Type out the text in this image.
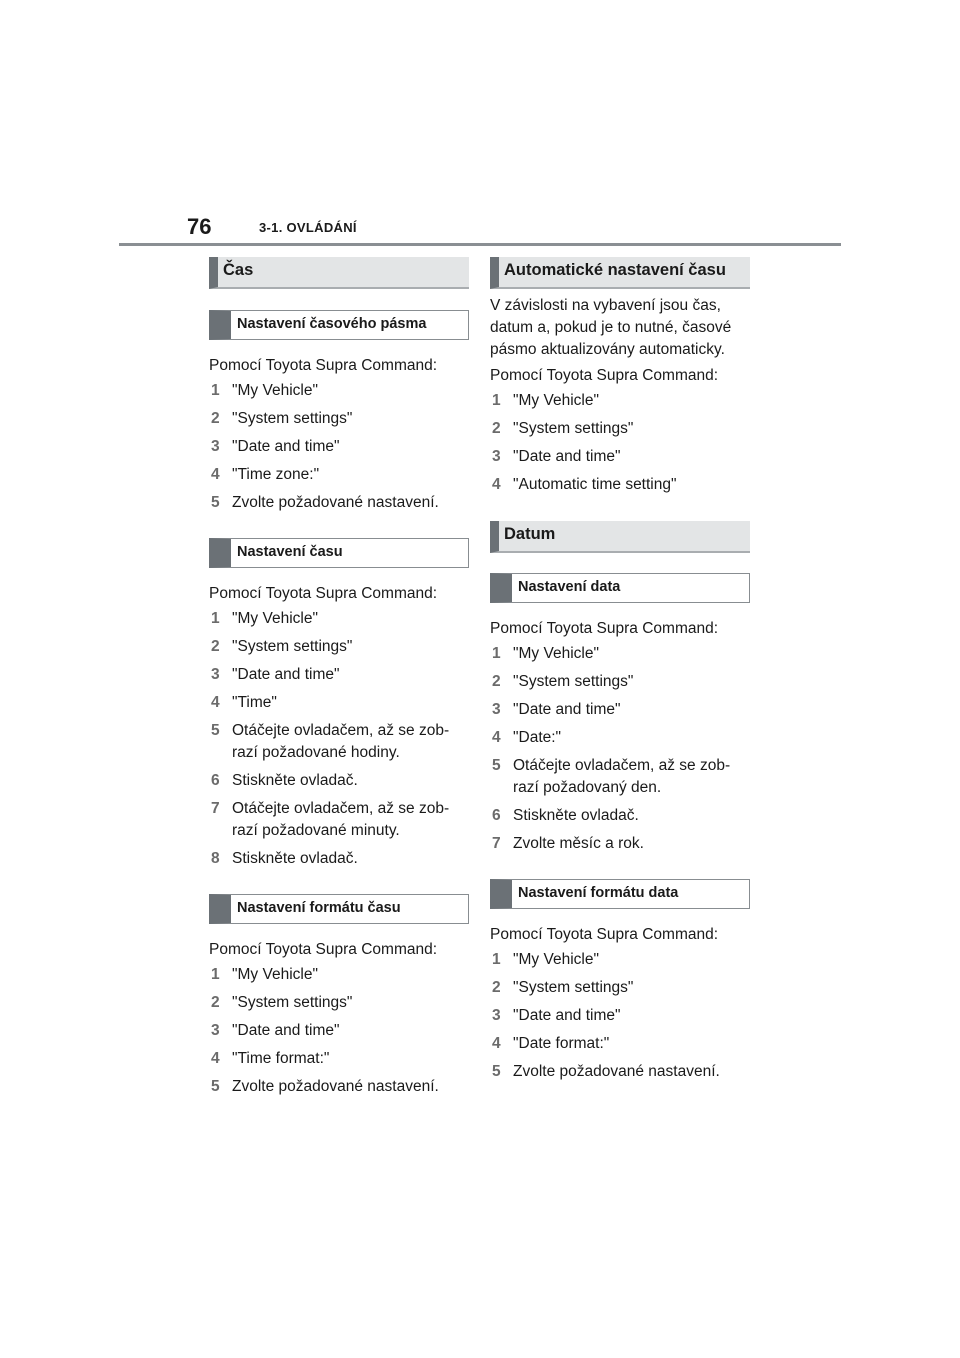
76	3-1. OVLÁDÁNÍ
Čas
Nastavení časového pásma
Pomocí Toyota Supra Command:
1 "My Vehicle"
2 "System settings"
3 "Date and time"
4 "Time zone:"
5 Zvolte požadované nastavení.
Nastavení času
Pomocí Toyota Supra Command:
1 "My Vehicle"
2 "System settings"
3 "Date and time"
4 "Time"
5 Otáčejte ovladačem, až se zob-razí požadované hodiny.
6 Stiskněte ovladač.
7 Otáčejte ovladačem, až se zob-razí požadované minuty.
8 Stiskněte ovladač.
Nastavení formátu času
Pomocí Toyota Supra Command:
1 "My Vehicle"
2 "System settings"
3 "Date and time"
4 "Time format:"
5 Zvolte požadované nastavení.
Automatické nastavení času
V závislosti na vybavení jsou čas, datum a, pokud je to nutné, časové pásmo aktualizovány automaticky.
Pomocí Toyota Supra Command:
1 "My Vehicle"
2 "System settings"
3 "Date and time"
4 "Automatic time setting"
Datum
Nastavení data
Pomocí Toyota Supra Command:
1 "My Vehicle"
2 "System settings"
3 "Date and time"
4 "Date:"
5 Otáčejte ovladačem, až se zob-razí požadovaný den.
6 Stiskněte ovladač.
7 Zvolte měsíc a rok.
Nastavení formátu data
Pomocí Toyota Supra Command:
1 "My Vehicle"
2 "System settings"
3 "Date and time"
4 "Date format:"
5 Zvolte požadované nastavení.
